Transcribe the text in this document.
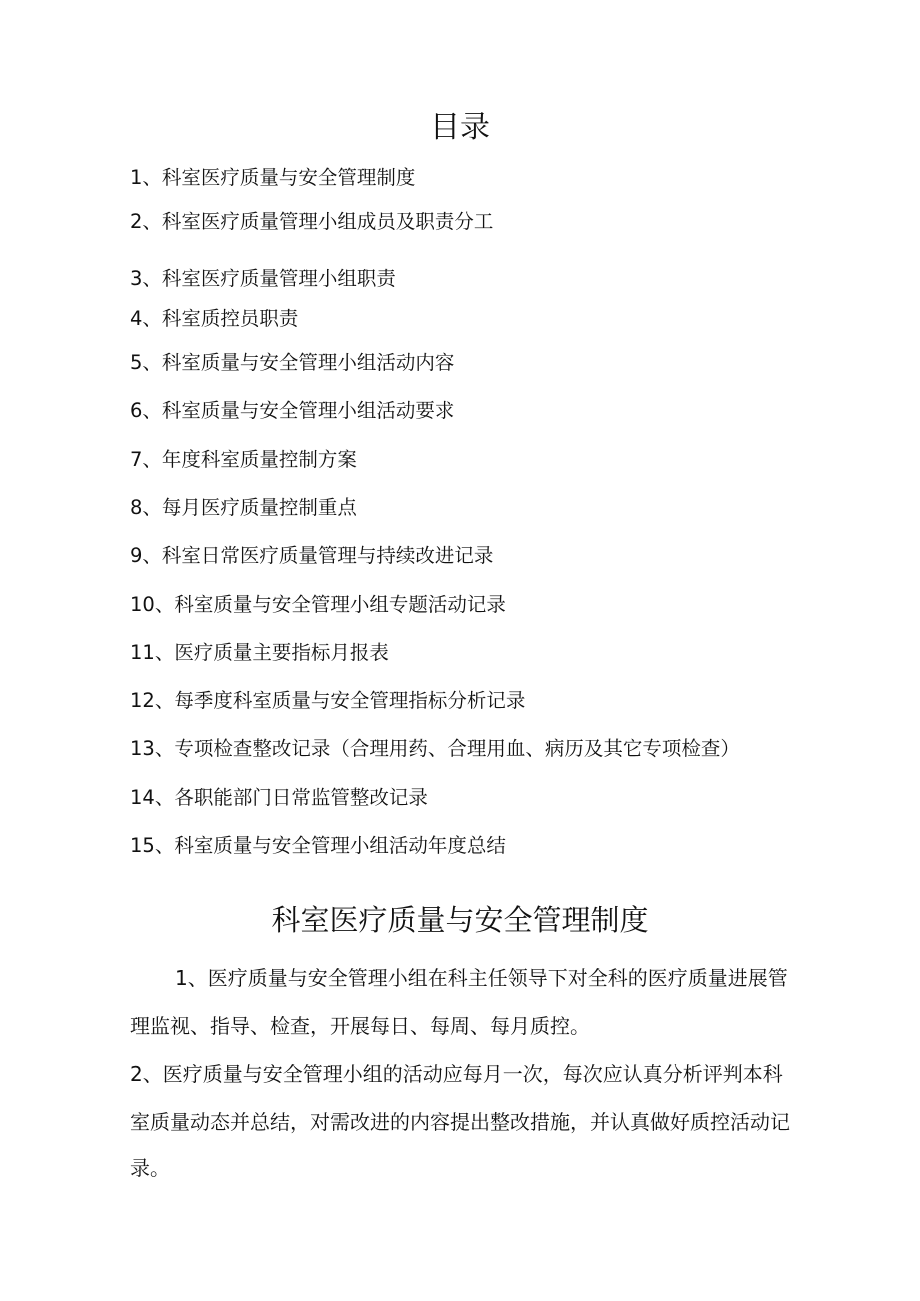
目录
1、科室医疗质量与安全管理制度
2、科室医疗质量管理小组成员及职责分工
3、科室医疗质量管理小组职责
4、科室质控员职责
5、科室质量与安全管理小组活动内容
6、科室质量与安全管理小组活动要求
7、年度科室质量控制方案
8、每月医疗质量控制重点
9、科室日常医疗质量管理与持续改进记录
10、科室质量与安全管理小组专题活动记录
11、医疗质量主要指标月报表
12、每季度科室质量与安全管理指标分析记录
13、专项检查整改记录（合理用药、合理用血、病历及其它专项检查）
14、各职能部门日常监管整改记录
15、科室质量与安全管理小组活动年度总结
科室医疗质量与安全管理制度
1、医疗质量与安全管理小组在科主任领导下对全科的医疗质量进展管
理监视、指导、检查，开展每日、每周、每月质控。
2、医疗质量与安全管理小组的活动应每月一次，每次应认真分析评判本科
室质量动态并总结，对需改进的内容提出整改措施，并认真做好质控活动记
录。
